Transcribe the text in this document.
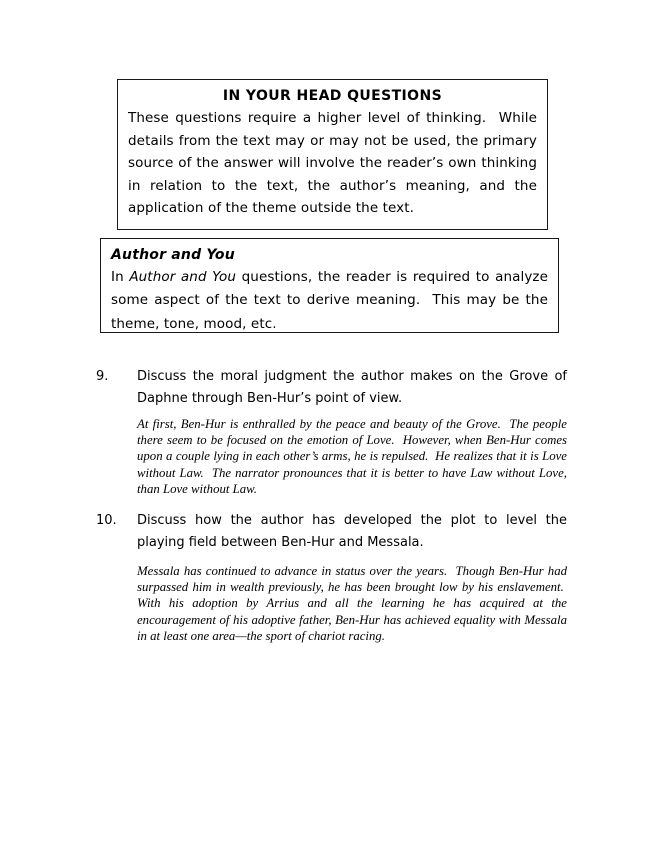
IN YOUR HEAD QUESTIONS

These questions require a higher level of thinking.  While details from the text may or may not be used, the primary source of the answer will involve the reader’s own thinking in relation to the text, the author’s meaning, and the application of the theme outside the text.

Author and You

In Author and You questions, the reader is required to analyze some aspect of the text to derive meaning.  This may be the theme, tone, mood, etc.

9.	Discuss the moral judgment the author makes on the Grove of Daphne through Ben-Hur’s point of view.

At first, Ben-Hur is enthralled by the peace and beauty of the Grove.  The people there seem to be focused on the emotion of Love.  However, when Ben-Hur comes upon a couple lying in each other’s arms, he is repulsed.  He realizes that it is Love without Law.  The narrator pronounces that it is better to have Law without Love, than Love without Law.

10.	Discuss how the author has developed the plot to level the playing field between Ben-Hur and Messala.

Messala has continued to advance in status over the years.  Though Ben-Hur had surpassed him in wealth previously, he has been brought low by his enslavement.  With his adoption by Arrius and all the learning he has acquired at the encouragement of his adoptive father, Ben-Hur has achieved equality with Messala in at least one area—the sport of chariot racing.
